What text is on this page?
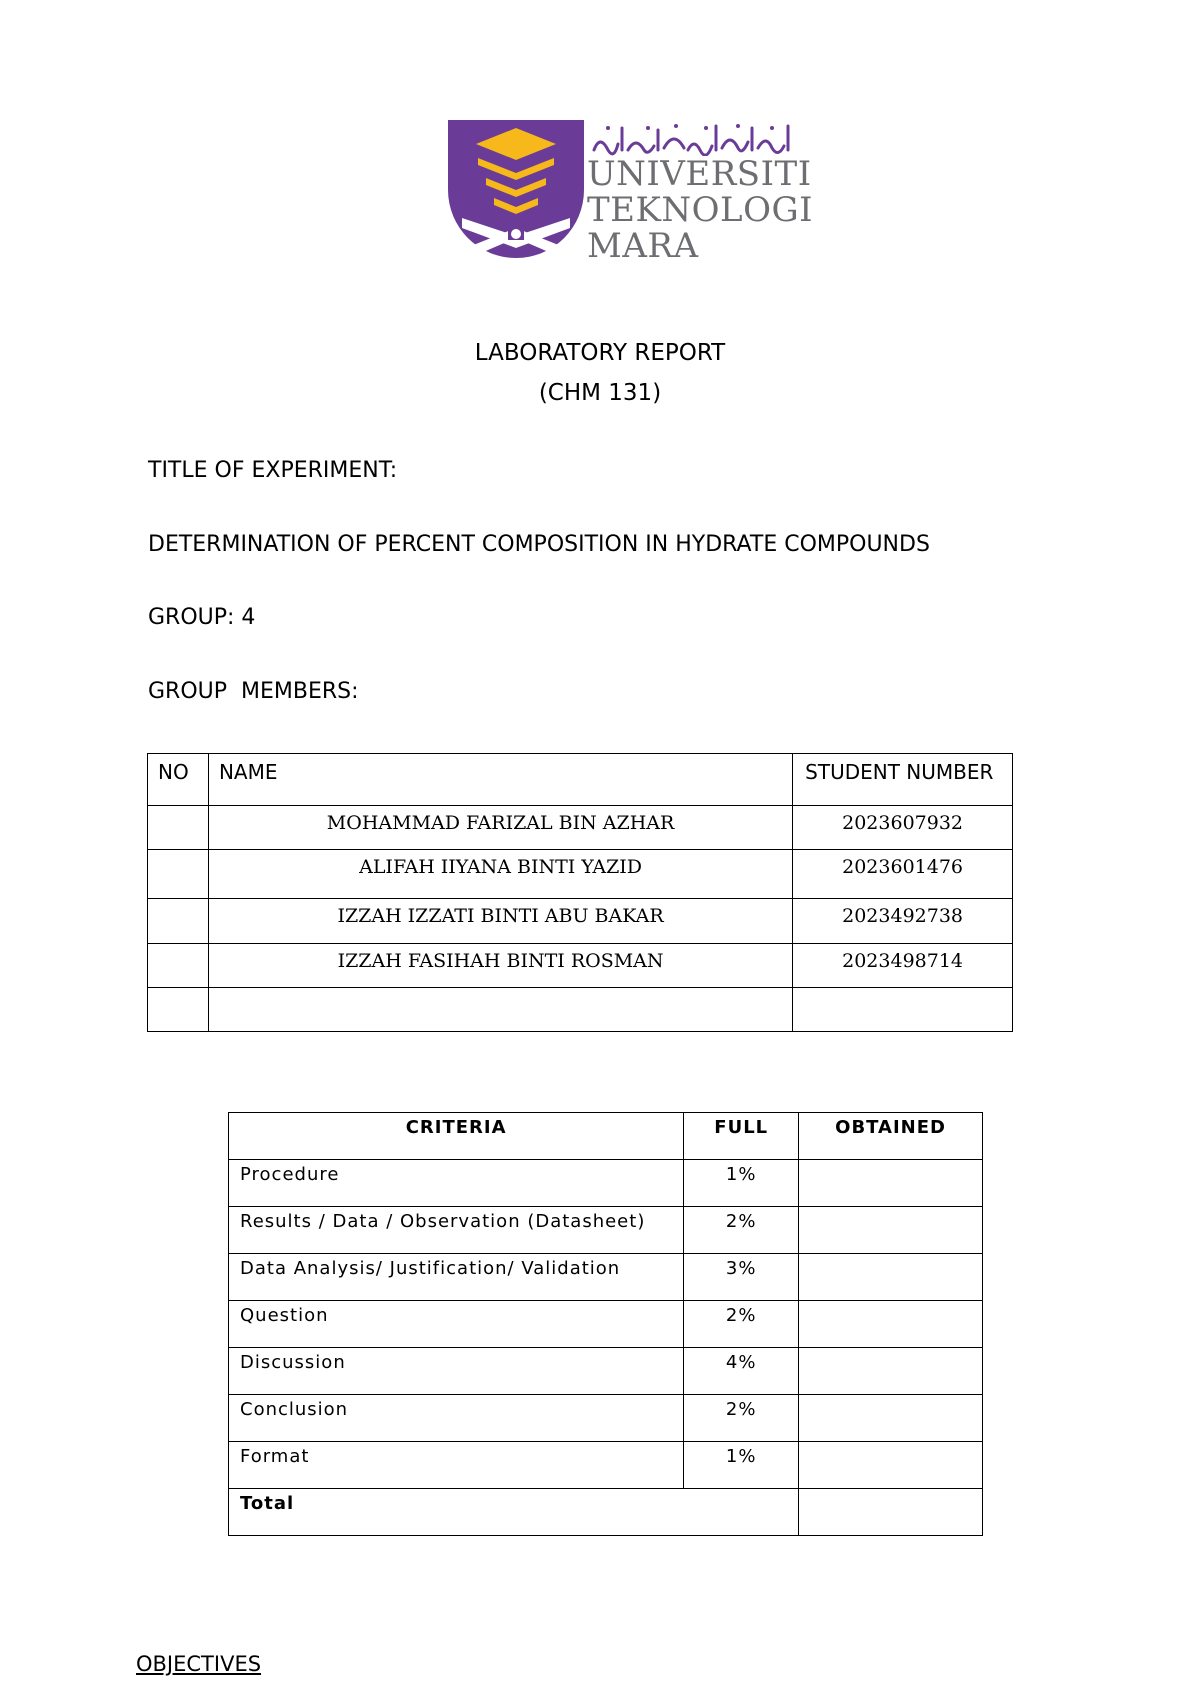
UNIVERSITI
TEKNOLOGI
MARA
LABORATORY REPORT
(CHM 131)
TITLE OF EXPERIMENT:
DETERMINATION OF PERCENT COMPOSITION IN HYDRATE COMPOUNDS
GROUP: 4
GROUP  MEMBERS:
NO	NAME	STUDENT NUMBER
	MOHAMMAD FARIZAL BIN AZHAR	2023607932
	ALIFAH IIYANA BINTI YAZID	2023601476
	IZZAH IZZATI BINTI ABU BAKAR	2023492738
	IZZAH FASIHAH BINTI ROSMAN	2023498714

CRITERIA	FULL	OBTAINED
Procedure	1%	
Results / Data / Observation (Datasheet)	2%	
Data Analysis/ Justification/ Validation	3%	
Question	2%	
Discussion	4%	
Conclusion	2%	
Format	1%	
Total		
OBJECTIVES
